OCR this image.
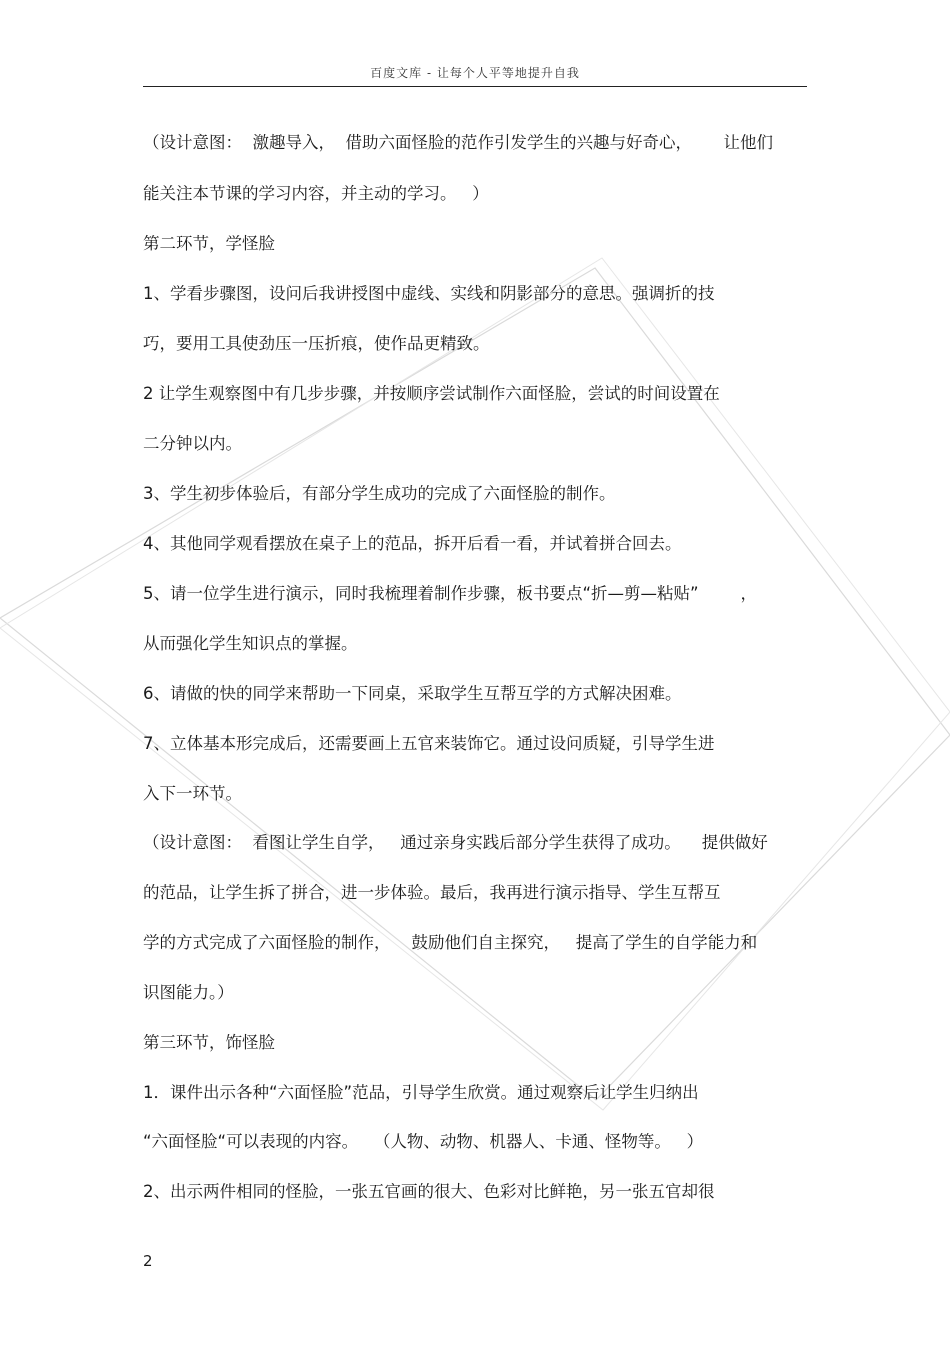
百度文库 - 让每个人平等地提升自我
（设计意图：  激趣导入，  借助六面怪脸的范作引发学生的兴趣与好奇心，      让他们
能关注本节课的学习内容，并主动的学习。   ）
第二环节，学怪脸
1、学看步骤图，设问后我讲授图中虚线、实线和阴影部分的意思。强调折的技
巧，要用工具使劲压一压折痕，使作品更精致。
2 让学生观察图中有几步步骤，并按顺序尝试制作六面怪脸，尝试的时间设置在
二分钟以内。
3、学生初步体验后，有部分学生成功的完成了六面怪脸的制作。
4、其他同学观看摆放在桌子上的范品，拆开后看一看，并试着拼合回去。
5、请一位学生进行演示，同时我梳理着制作步骤，板书要点“折—剪—粘贴”        ，
从而强化学生知识点的掌握。
6、请做的快的同学来帮助一下同桌，采取学生互帮互学的方式解决困难。
7、立体基本形完成后，还需要画上五官来装饰它。通过设问质疑，引导学生进
入下一环节。
（设计意图：  看图让学生自学，   通过亲身实践后部分学生获得了成功。    提供做好
的范品，让学生拆了拼合，进一步体验。最后，我再进行演示指导、学生互帮互
学的方式完成了六面怪脸的制作，    鼓励他们自主探究，   提高了学生的自学能力和
识图能力。）
第三环节，饰怪脸
1．课件出示各种“六面怪脸”范品，引导学生欣赏。通过观察后让学生归纳出
“六面怪脸“可以表现的内容。   （人物、动物、机器人、卡通、怪物等。   ）
2、出示两件相同的怪脸，一张五官画的很大、色彩对比鲜艳，另一张五官却很
2
